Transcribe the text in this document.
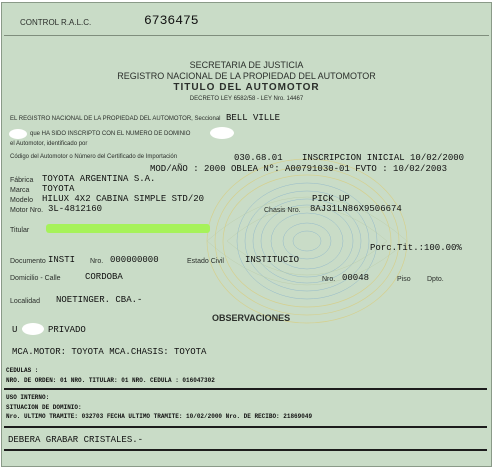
CONTROL R.A.L.C.	6736475
SECRETARIA DE JUSTICIA
REGISTRO NACIONAL DE LA PROPIEDAD DEL AUTOMOTOR
TITULO DEL AUTOMOTOR
DECRETO LEY 6582/58 - LEY Nro. 14467
EL REGISTRO NACIONAL DE LA PROPIEDAD DEL AUTOMOTOR, Seccional BELL VILLE
que HA SIDO INSCRIPTO CON EL NUMERO DE DOMINIO
el Automotor, identificado por
Código del Automotor o Número del Certificado de Importación	030.68.01 INSCRIPCION INICIAL 10/02/2000
MOD/AÑO : 2000 OBLEA Nº: A00791030-01 FVTO : 10/02/2003
Fábrica TOYOTA ARGENTINA S.A.
Marca TOYOTA
Modelo HILUX 4X2 CABINA SIMPLE STD/20	PICK UP
Motor Nro. 3L-4812160	Chasis Nro. 8AJ31LN86X9506674
Titular
Porc.Tit.:100.00%
Documento INSTI Nro. 000000000	Estado Civil INSTITUCIO
Domicilio - Calle	CORDOBA	Nro. 00048	Piso Dpto.
Localidad NOETINGER. CBA.-
OBSERVACIONES
U	PRIVADO
MCA.MOTOR: TOYOTA MCA.CHASIS: TOYOTA
CEDULAS :
NRO. DE ORDEN: 01 NRO. TITULAR: 01 NRO. CEDULA : 016047302
USO INTERNO:
SITUACION DE DOMINIO:
Nro. ULTIMO TRAMITE: 032703 FECHA ULTIMO TRAMITE: 10/02/2000 Nro. DE RECIBO: 21869049
DEBERA GRABAR CRISTALES.-
